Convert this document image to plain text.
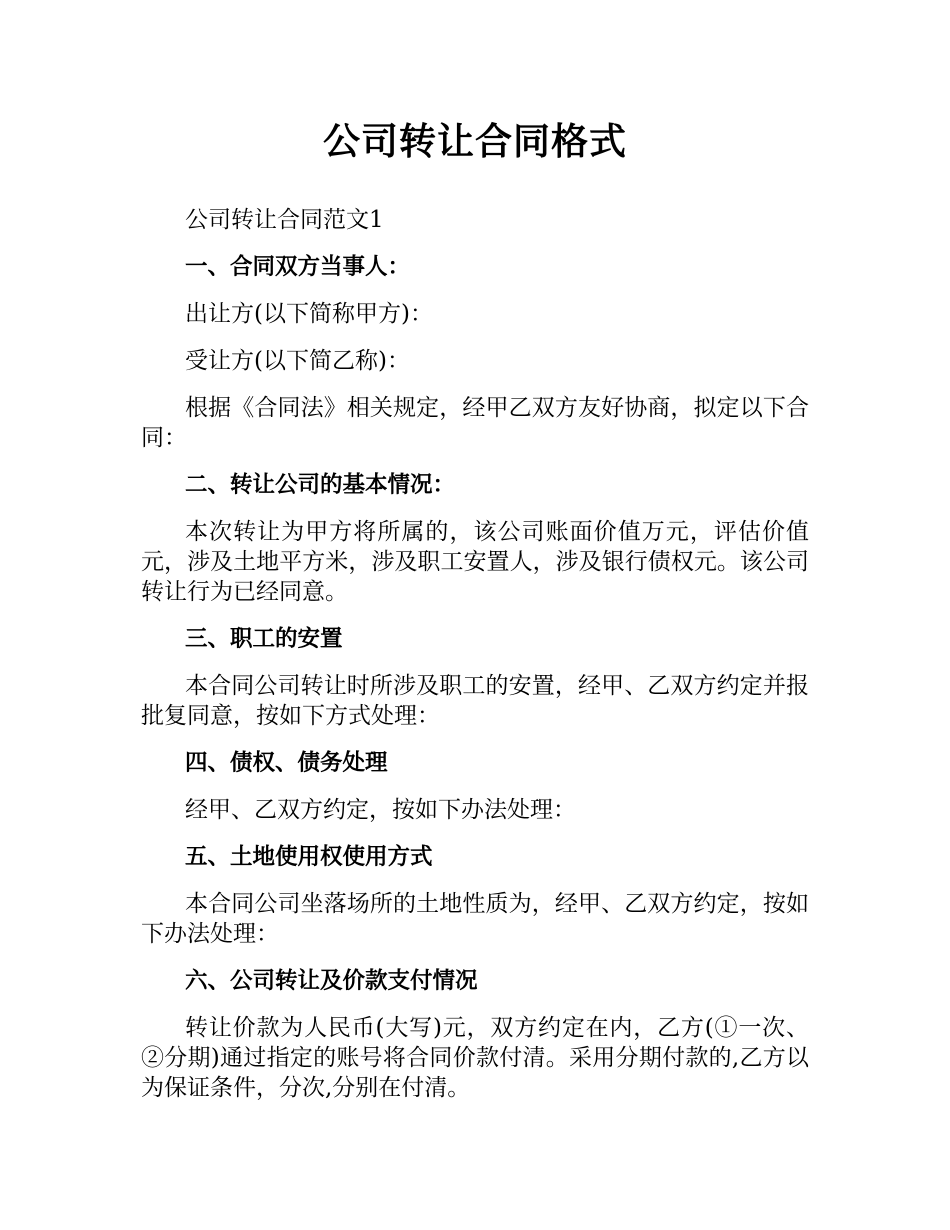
公司转让合同格式

公司转让合同范文1

一、合同双方当事人：

出让方(以下简称甲方)：

受让方(以下简乙称)：

根据《合同法》相关规定，经甲乙双方友好协商，拟定以下合同：

二、转让公司的基本情况：

本次转让为甲方将所属的，该公司账面价值万元，评估价值元，涉及土地平方米，涉及职工安置人，涉及银行债权元。该公司转让行为已经同意。

三、职工的安置

本合同公司转让时所涉及职工的安置，经甲、乙双方约定并报批复同意，按如下方式处理：

四、债权、债务处理

经甲、乙双方约定，按如下办法处理：

五、土地使用权使用方式

本合同公司坐落场所的土地性质为，经甲、乙双方约定，按如下办法处理：

六、公司转让及价款支付情况

转让价款为人民币(大写)元，双方约定在内，乙方(①一次、②分期)通过指定的账号将合同价款付清。采用分期付款的,乙方以为保证条件，分次,分别在付清。
